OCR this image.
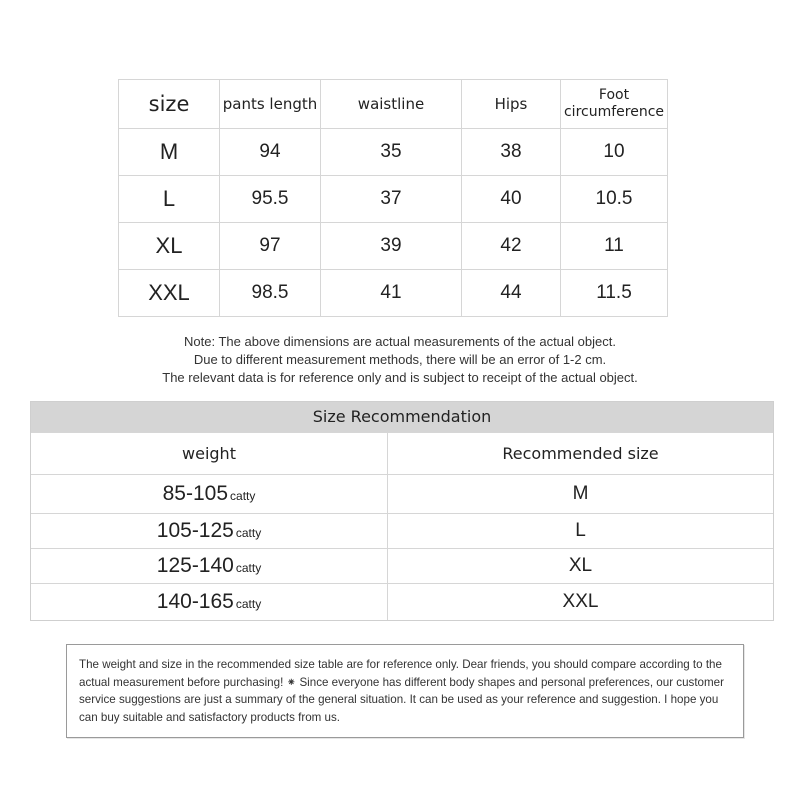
size	pants length	waistline	Hips	Foot
circumference

M	94	35	38	10
L	95.5	37	40	10.5
XL	97	39	42	11
XXL	98.5	41	44	11.5
Note: The above dimensions are actual measurements of the actual object.
Due to different measurement methods, there will be an error of 1-2 cm.
The relevant data is for reference only and is subject to receipt of the actual object.
Size Recommendation
weight	Recommended size
85-105 catty	M
105-125 catty	L
125-140 catty	XL
140-165 catty	XXL
The weight and size in the recommended size table are for reference only. Dear friends, you should compare according to the actual measurement before purchasing! ⁕ Since everyone has different body shapes and personal preferences, our customer service suggestions are just a summary of the general situation. It can be used as your reference and suggestion. I hope you can buy suitable and satisfactory products from us.
